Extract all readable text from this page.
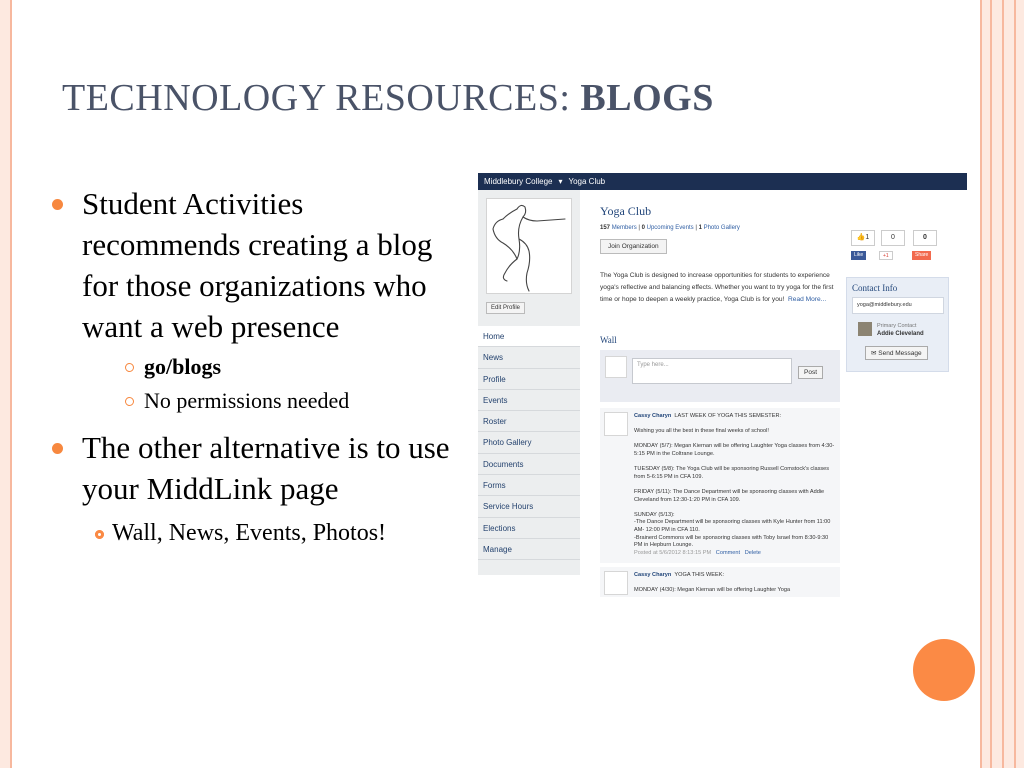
TECHNOLOGY RESOURCES: BLOGS
Student Activities recommends creating a blog for those organizations who want a web presence
go/blogs
No permissions needed
The other alternative is to use your MiddLink page
Wall, News, Events, Photos!
Middlebury College ▾ Yoga Club
Edit Profile
Home
News
Profile
Events
Roster
Photo Gallery
Documents
Forms
Service Hours
Elections
Manage
Yoga Club
157 Members | 0 Upcoming Events | 1 Photo Gallery
Join Organization
The Yoga Club is designed to increase opportunities for students to experience yoga's reflective and balancing effects. Whether you want to try yoga for the first time or hope to deepen a weekly practice, Yoga Club is for you! Read More...
Wall
Type here...
Post
Cassy Charyn LAST WEEK OF YOGA THIS SEMESTER:

Wishing you all the best in these final weeks of school!

MONDAY (5/7): Megan Kiernan will be offering Laughter Yoga classes from 4:30-5:15 PM in the Coltrane Lounge.

TUESDAY (5/8): The Yoga Club will be sponsoring Russell Comstock's classes from 5-6:15 PM in CFA 109.

FRIDAY (5/11): The Dance Department will be sponsoring classes with Addie Cleveland from 12:30-1:20 PM in CFA 109.

SUNDAY (5/13):
-The Dance Department will be sponsoring classes with Kyle Hunter from 11:00 AM- 12:00 PM in CFA 110.
-Brainerd Commons will be sponsoring classes with Toby Israel from 8:30-9:30 PM in Hepburn Lounge.
Posted at 5/6/2012 8:13:15 PM Comment Delete
Cassy Charyn YOGA THIS WEEK:

MONDAY (4/30): Megan Kiernan will be offering Laughter Yoga
👍1	0	0
Like	+1	Share
Contact Info
yoga@middlebury.edu
Primary Contact
Addie Cleveland
✉ Send Message
